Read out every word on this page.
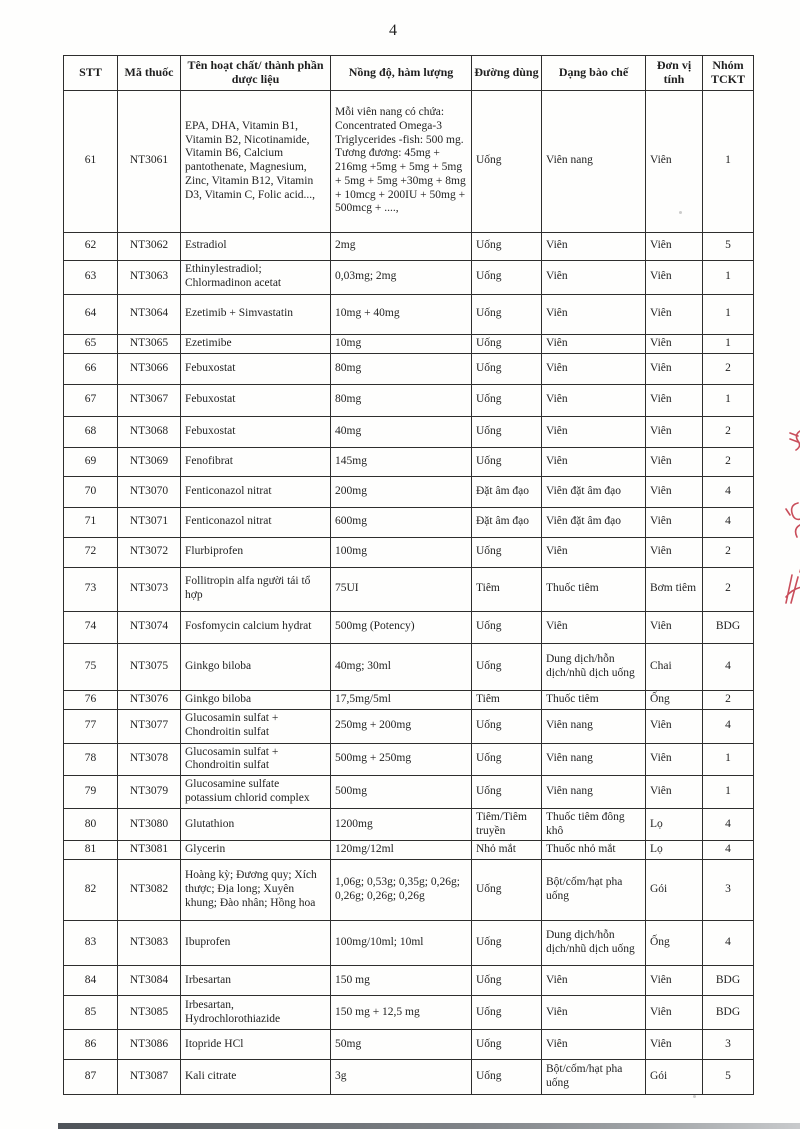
4
STT	Mã thuốc	Tên hoạt chất/ thành phần dược liệu	Nồng độ, hàm lượng	Đường dùng	Dạng bào chế	Đơn vị tính	Nhóm TCKT
61	NT3061	EPA, DHA, Vitamin B1, Vitamin B2, Nicotinamide, Vitamin B6, Calcium pantothenate, Magnesium, Zinc, Vitamin B12, Vitamin D3, Vitamin C, Folic acid...,	Mỗi viên nang có chứa: Concentrated Omega-3 Triglycerides -fish: 500 mg. Tương đương: 45mg + 216mg +5mg + 5mg + 5mg + 5mg + 5mg +30mg + 8mg + 10mcg + 200IU + 50mg + 500mcg + ....,	Uống	Viên nang	Viên	1
62	NT3062	Estradiol	2mg	Uống	Viên	Viên	5
63	NT3063	Ethinylestradiol; Chlormadinon acetat	0,03mg; 2mg	Uống	Viên	Viên	1
64	NT3064	Ezetimib + Simvastatin	10mg + 40mg	Uống	Viên	Viên	1
65	NT3065	Ezetimibe	10mg	Uống	Viên	Viên	1
66	NT3066	Febuxostat	80mg	Uống	Viên	Viên	2
67	NT3067	Febuxostat	80mg	Uống	Viên	Viên	1
68	NT3068	Febuxostat	40mg	Uống	Viên	Viên	2
69	NT3069	Fenofibrat	145mg	Uống	Viên	Viên	2
70	NT3070	Fenticonazol nitrat	200mg	Đặt âm đạo	Viên đặt âm đạo	Viên	4
71	NT3071	Fenticonazol nitrat	600mg	Đặt âm đạo	Viên đặt âm đạo	Viên	4
72	NT3072	Flurbiprofen	100mg	Uống	Viên	Viên	2
73	NT3073	Follitropin alfa người tái tổ hợp	75UI	Tiêm	Thuốc tiêm	Bơm tiêm	2
74	NT3074	Fosfomycin calcium hydrat	500mg (Potency)	Uống	Viên	Viên	BDG
75	NT3075	Ginkgo biloba	40mg; 30ml	Uống	Dung dịch/hỗn dịch/nhũ dịch uống	Chai	4
76	NT3076	Ginkgo biloba	17,5mg/5ml	Tiêm	Thuốc tiêm	Ống	2
77	NT3077	Glucosamin sulfat + Chondroitin sulfat	250mg + 200mg	Uống	Viên nang	Viên	4
78	NT3078	Glucosamin sulfat + Chondroitin sulfat	500mg + 250mg	Uống	Viên nang	Viên	1
79	NT3079	Glucosamine sulfate potassium chlorid complex	500mg	Uống	Viên nang	Viên	1
80	NT3080	Glutathion	1200mg	Tiêm/Tiêm truyền	Thuốc tiêm đông khô	Lọ	4
81	NT3081	Glycerin	120mg/12ml	Nhỏ mắt	Thuốc nhỏ mắt	Lọ	4
82	NT3082	Hoàng kỳ; Đương quy; Xích thược; Địa long; Xuyên khung; Đào nhân; Hồng hoa	1,06g; 0,53g; 0,35g; 0,26g; 0,26g; 0,26g; 0,26g	Uống	Bột/cốm/hạt pha uống	Gói	3
83	NT3083	Ibuprofen	100mg/10ml; 10ml	Uống	Dung dịch/hỗn dịch/nhũ dịch uống	Ống	4
84	NT3084	Irbesartan	150 mg	Uống	Viên	Viên	BDG
85	NT3085	Irbesartan, Hydrochlorothiazide	150 mg + 12,5 mg	Uống	Viên	Viên	BDG
86	NT3086	Itopride HCl	50mg	Uống	Viên	Viên	3
87	NT3087	Kali citrate	3g	Uống	Bột/cốm/hạt pha uống	Gói	5
